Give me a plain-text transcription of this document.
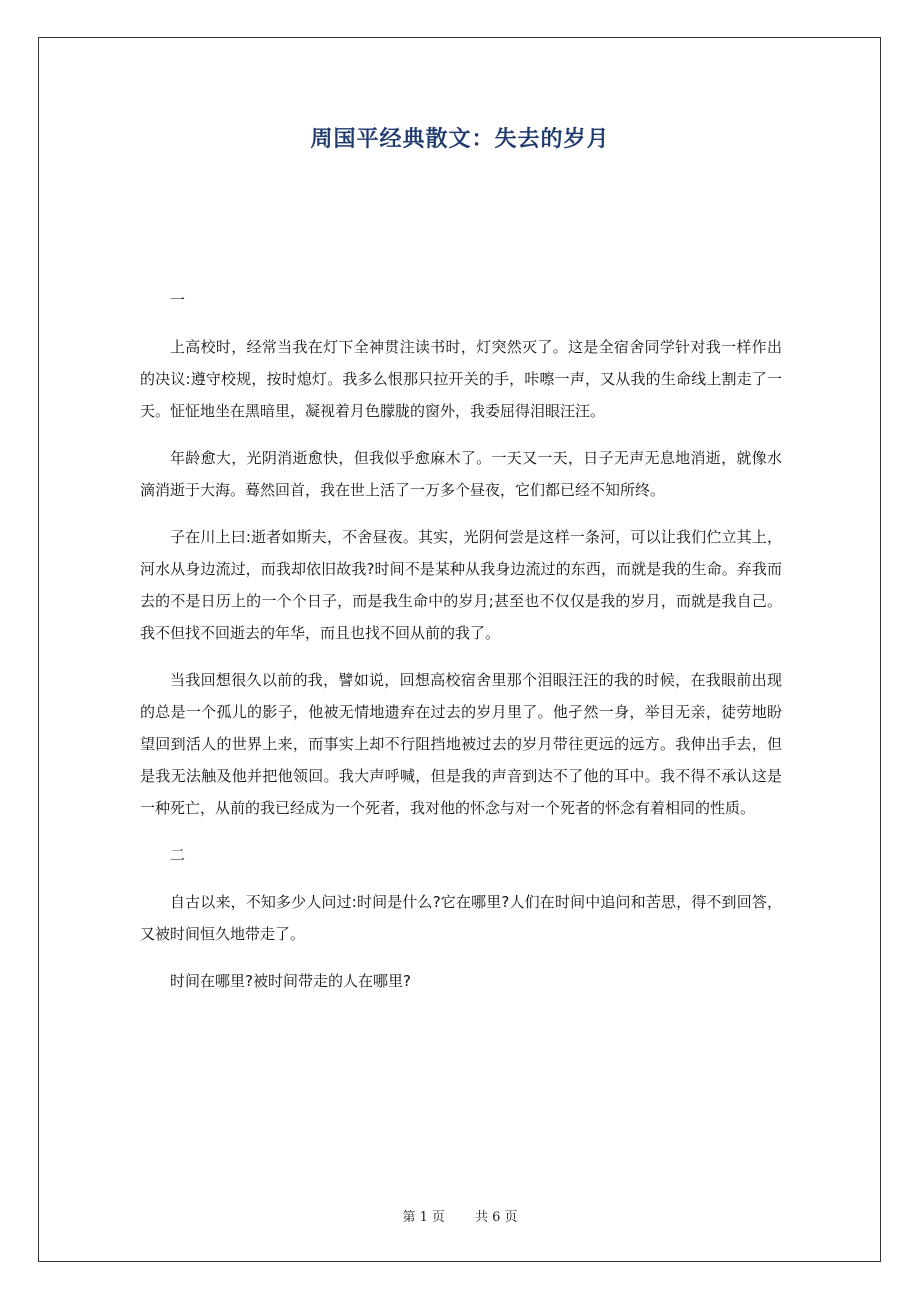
周国平经典散文：失去的岁月

一

上高校时，经常当我在灯下全神贯注读书时，灯突然灭了。这是全宿舍同学针对我一样作出的决议:遵守校规，按时熄灯。我多么恨那只拉开关的手，咔嚓一声，又从我的生命线上割走了一天。怔怔地坐在黑暗里，凝视着月色朦胧的窗外，我委屈得泪眼汪汪。

年龄愈大，光阴消逝愈快，但我似乎愈麻木了。一天又一天，日子无声无息地消逝，就像水滴消逝于大海。蓦然回首，我在世上活了一万多个昼夜，它们都已经不知所终。

子在川上曰:逝者如斯夫，不舍昼夜。其实，光阴何尝是这样一条河，可以让我们伫立其上，河水从身边流过，而我却依旧故我?时间不是某种从我身边流过的东西，而就是我的生命。弃我而去的不是日历上的一个个日子，而是我生命中的岁月;甚至也不仅仅是我的岁月，而就是我自己。我不但找不回逝去的年华，而且也找不回从前的我了。

当我回想很久以前的我，譬如说，回想高校宿舍里那个泪眼汪汪的我的时候，在我眼前出现的总是一个孤儿的影子，他被无情地遗弃在过去的岁月里了。他孑然一身，举目无亲，徒劳地盼望回到活人的世界上来，而事实上却不行阻挡地被过去的岁月带往更远的远方。我伸出手去，但是我无法触及他并把他领回。我大声呼喊，但是我的声音到达不了他的耳中。我不得不承认这是一种死亡，从前的我已经成为一个死者，我对他的怀念与对一个死者的怀念有着相同的性质。

二

自古以来，不知多少人问过:时间是什么?它在哪里?人们在时间中追问和苦思，得不到回答，又被时间恒久地带走了。

时间在哪里?被时间带走的人在哪里?

第 1 页 共 6 页
